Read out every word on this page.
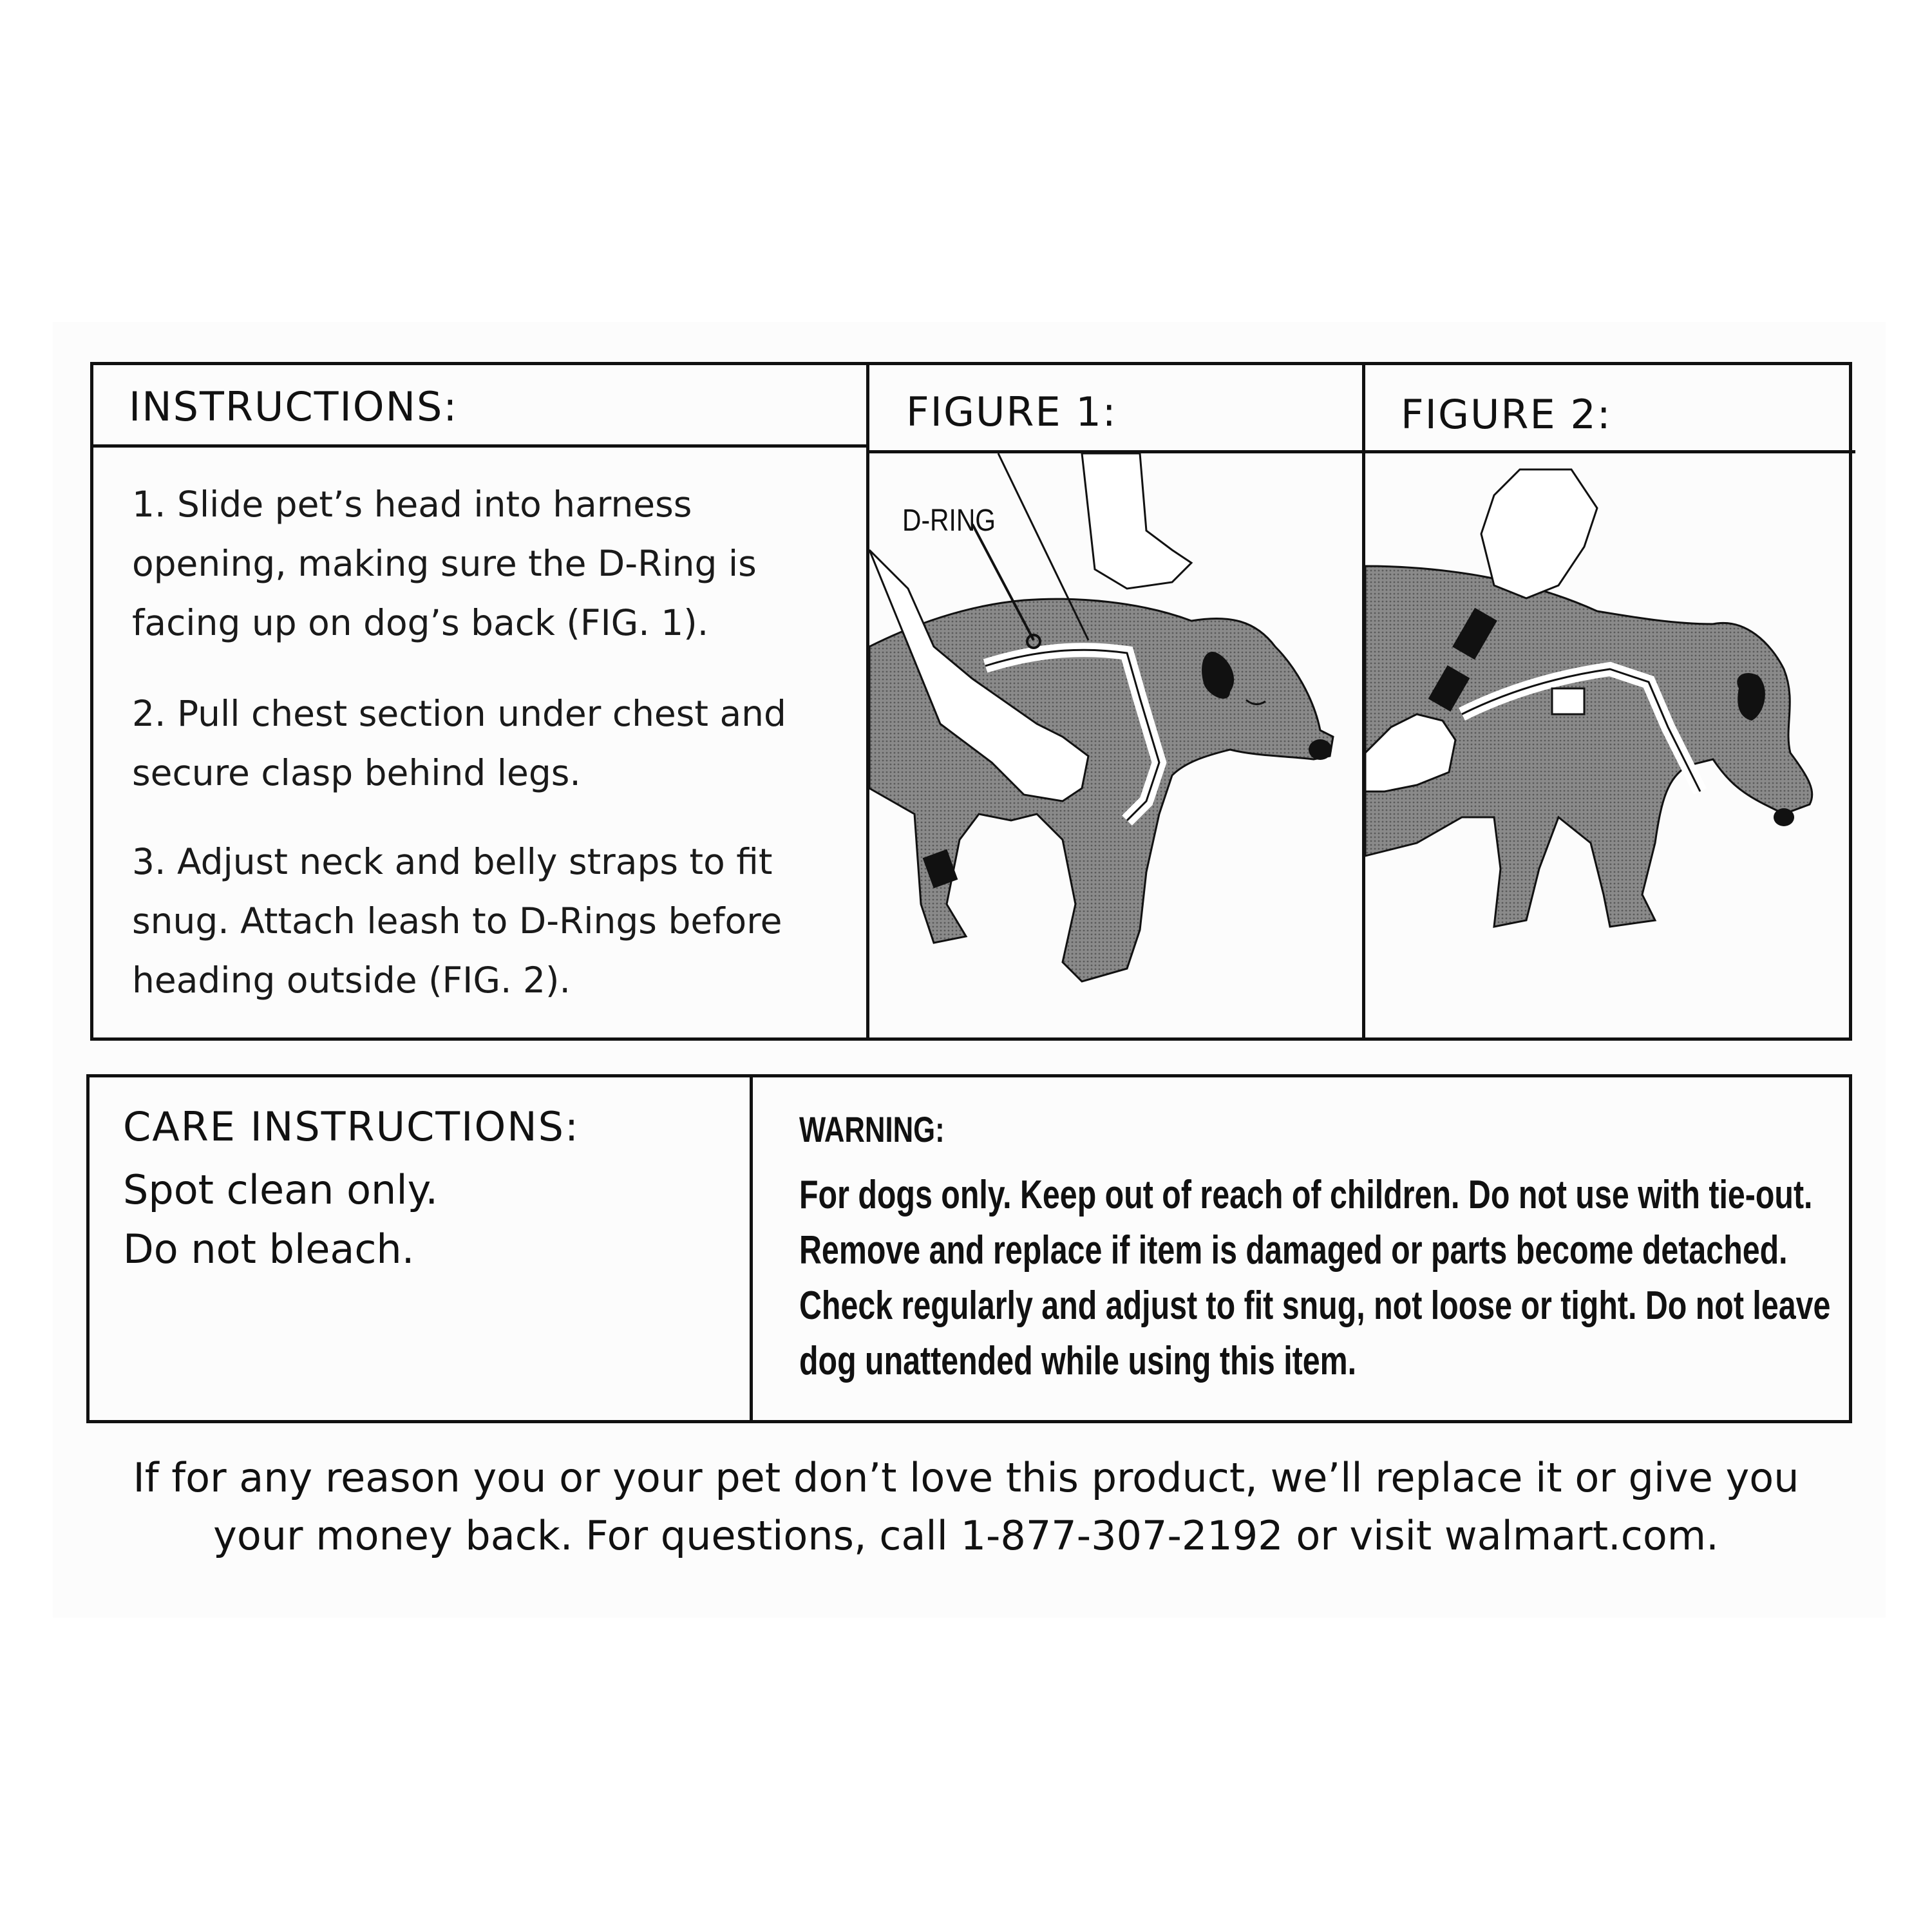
INSTRUCTIONS:	FIGURE 1:	FIGURE 2:

1. Slide pet’s head into harness opening, making sure the D-Ring is facing up on dog’s back (FIG. 1).

2. Pull chest section under chest and secure clasp behind legs.

3. Adjust neck and belly straps to fit snug. Attach leash to D-Rings before heading outside (FIG. 2).

D-RING
CARE INSTRUCTIONS:
Spot clean only.
Do not bleach.
WARNING:

For dogs only. Keep out of reach of children. Do not use with tie-out. Remove and replace if item is damaged or parts become detached. Check regularly and adjust to fit snug, not loose or tight. Do not leave dog unattended while using this item.

If for any reason you or your pet don’t love this product, we’ll replace it or give you your money back. For questions, call 1-877-307-2192 or visit walmart.com.
